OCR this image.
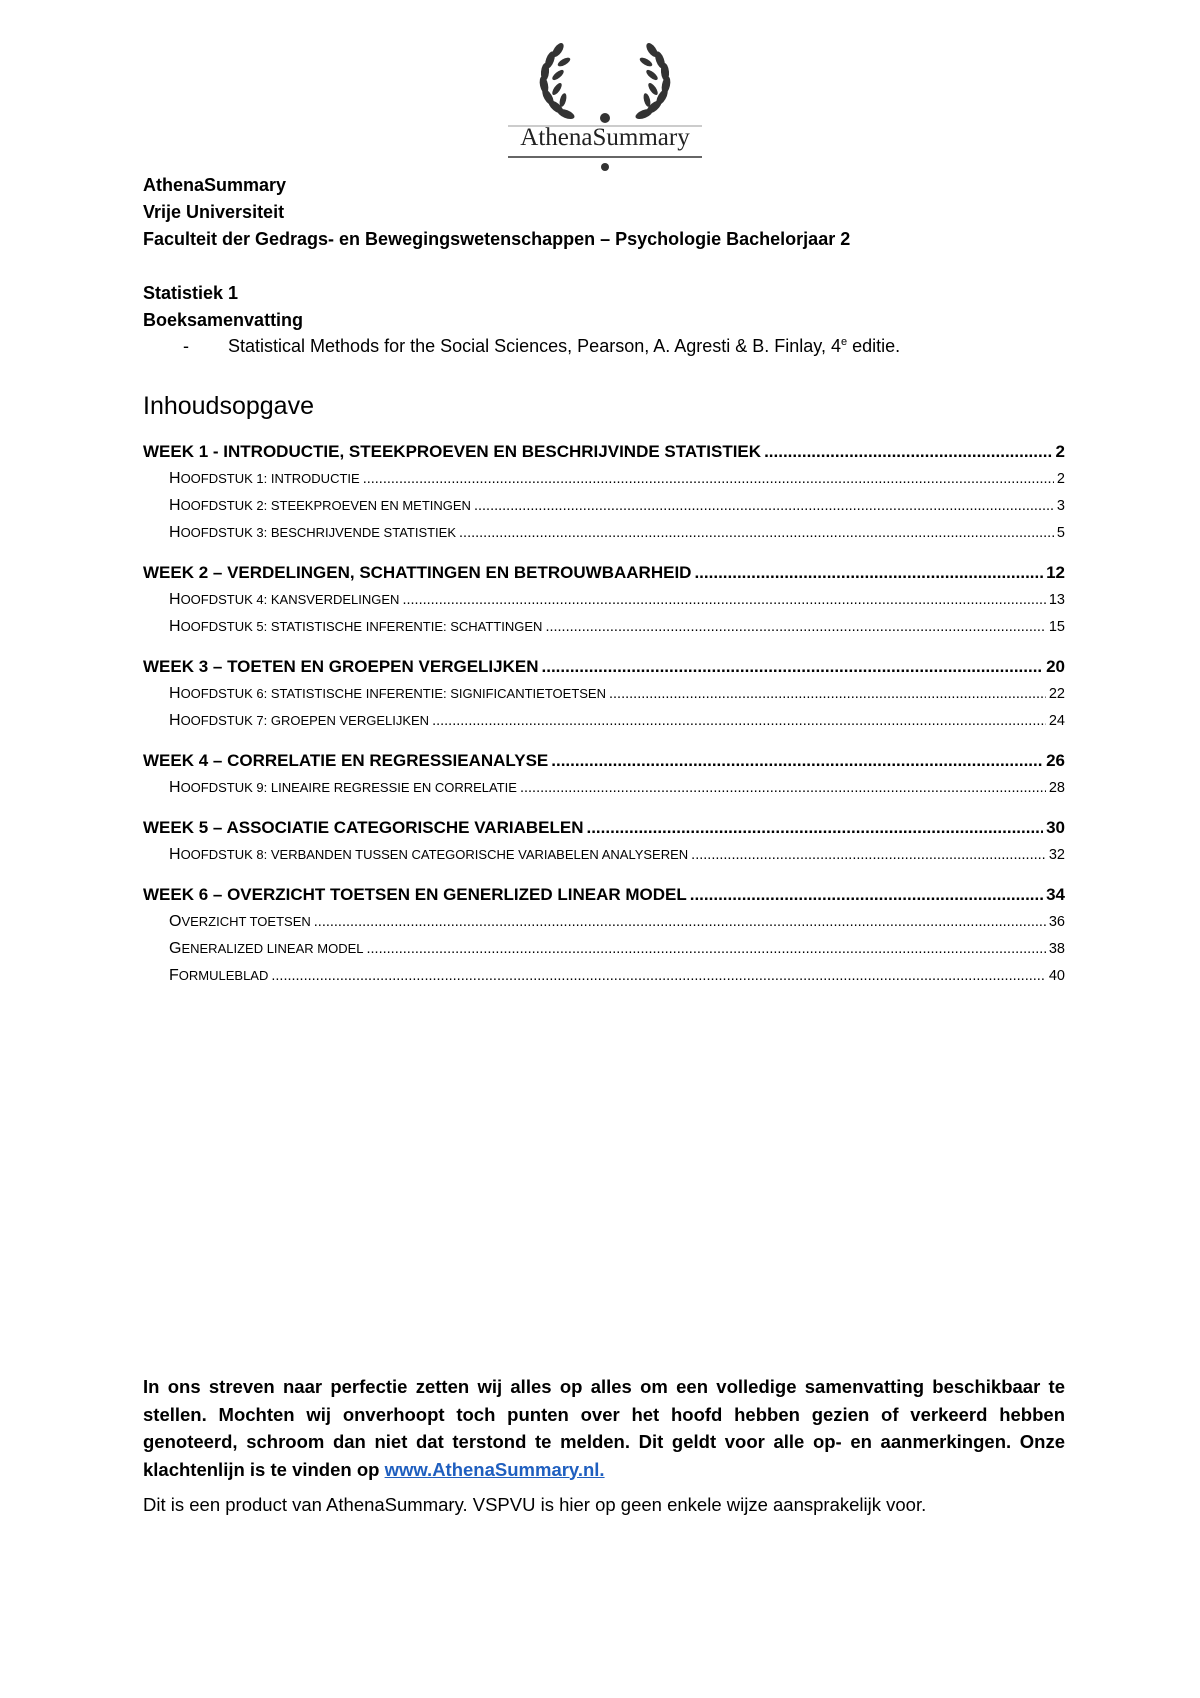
AthenaSummary
AthenaSummary
Vrije Universiteit
Faculteit der Gedrags- en Bewegingswetenschappen – Psychologie Bachelorjaar 2
Statistiek 1
Boeksamenvatting
- Statistical Methods for the Social Sciences, Pearson, A. Agresti & B. Finlay, 4e editie.
Inhoudsopgave
WEEK 1 - INTRODUCTIE, STEEKPROEVEN EN BESCHRIJVINDE STATISTIEK .....	2
HOOFDSTUK 1: INTRODUCTIE .....	2
HOOFDSTUK 2: STEEKPROEVEN EN METINGEN .....	3
HOOFDSTUK 3: BESCHRIJVENDE STATISTIEK .....	5
WEEK 2 – VERDELINGEN, SCHATTINGEN EN BETROUWBAARHEID .....	12
HOOFDSTUK 4: KANSVERDELINGEN .....	13
HOOFDSTUK 5: STATISTISCHE INFERENTIE: SCHATTINGEN .....	15
WEEK 3 – TOETEN EN GROEPEN VERGELIJKEN .....	20
HOOFDSTUK 6: STATISTISCHE INFERENTIE: SIGNIFICANTIETOETSEN .....	22
HOOFDSTUK 7: GROEPEN VERGELIJKEN .....	24
WEEK 4 – CORRELATIE EN REGRESSIEANALYSE .....	26
HOOFDSTUK 9: LINEAIRE REGRESSIE EN CORRELATIE .....	28
WEEK 5 – ASSOCIATIE CATEGORISCHE VARIABELEN .....	30
HOOFDSTUK 8: VERBANDEN TUSSEN CATEGORISCHE VARIABELEN ANALYSEREN .....	32
WEEK 6 – OVERZICHT TOETSEN EN GENERLIZED LINEAR MODEL .....	34
OVERZICHT TOETSEN .....	36
GENERALIZED LINEAR MODEL .....	38
FORMULEBLAD .....	40
In ons streven naar perfectie zetten wij alles op alles om een volledige samenvatting beschikbaar te stellen. Mochten wij onverhoopt toch punten over het hoofd hebben gezien of verkeerd hebben genoteerd, schroom dan niet dat terstond te melden. Dit geldt voor alle op- en aanmerkingen. Onze klachtenlijn is te vinden op www.AthenaSummary.nl.
Dit is een product van AthenaSummary. VSPVU is hier op geen enkele wijze aansprakelijk voor.
